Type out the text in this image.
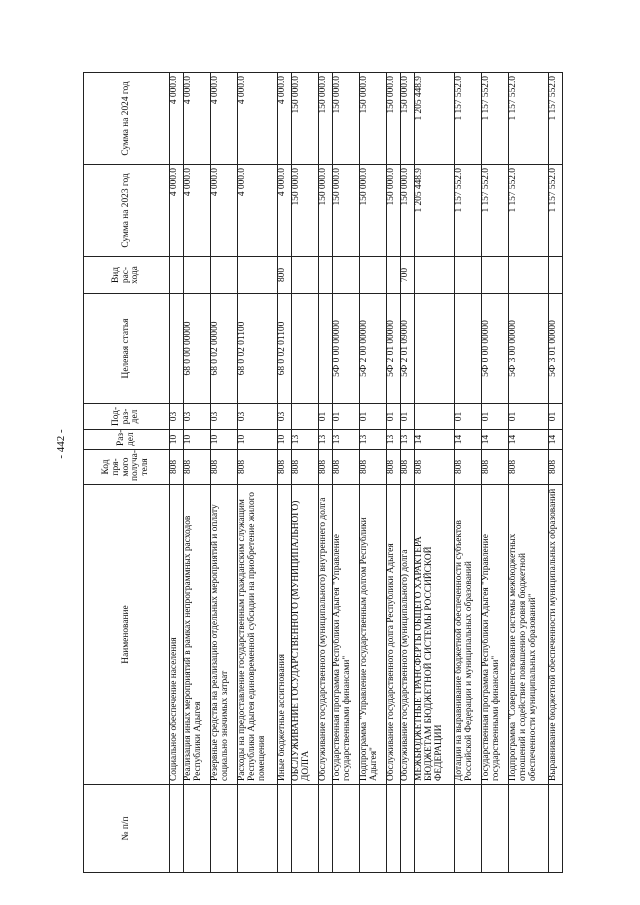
- 442 -
№ п/п	Наименование	Код пря-мого получа-теля	Раз-дел	Под-раз-дел	Целевая статья	Вид рас-хода	Сумма на 2023 год	Сумма на 2024 год
	Социальное обеспечение населения	808	10	03			4 000.0	4 000.0
	Реализация иных мероприятий в рамках непрограммных расходов Республики Адыгея	808	10	03	68 0 00 00000		4 000.0	4 000.0
	Резервные средства на реализацию отдельных мероприятий и оплату социально значимых затрат	808	10	03	68 0 02 00000		4 000.0	4 000.0
	Расходы на предоставление государственным гражданским служащим Республики Адыгея единовременной субсидии на приобретение жилого помещения	808	10	03	68 0 02 01100		4 000.0	4 000.0
	Иные бюджетные ассигнования	808	10	03	68 0 02 01100	800	4 000.0	4 000.0
	ОБСЛУЖИВАНИЕ ГОСУДАРСТВЕННОГО (МУНИЦИПАЛЬНОГО) ДОЛГА	808	13				150 000.0	150 000.0
	Обслуживание государственного (муниципального) внутреннего долга	808	13	01			150 000.0	150 000.0
	Государственная программа Республики Адыгея "Управление государственными финансами"	808	13	01	5Ф 0 00 00000		150 000.0	150 000.0
	Подпрограмма "Управление государственным долгом Республики Адыгея"	808	13	01	5Ф 2 00 00000		150 000.0	150 000.0
	Обслуживание государственного долга Республики Адыгея	808	13	01	5Ф 2 01 00000		150 000.0	150 000.0
	Обслуживание государственного (муниципального) долга	808	13	01	5Ф 2 01 09000	700	150 000.0	150 000.0
	МЕЖБЮДЖЕТНЫЕ ТРАНСФЕРТЫ ОБЩЕГО ХАРАКТЕРА БЮДЖЕТАМ БЮДЖЕТНОЙ СИСТЕМЫ РОССИЙСКОЙ ФЕДЕРАЦИИ	808	14				1 205 448.9	1 205 448.9
	Дотации на выравнивание бюджетной обеспеченности субъектов Российской Федерации и муниципальных образований	808	14	01			1 157 552.0	1 157 552.0
	Государственная программа Республики Адыгея "Управление государственными финансами"	808	14	01	5Ф 0 00 00000		1 157 552.0	1 157 552.0
	Подпрограмма "Совершенствование системы межбюджетных отношений и содействие повышению уровня бюджетной обеспеченности муниципальных образований"	808	14	01	5Ф 3 00 00000		1 157 552.0	1 157 552.0
	Выравнивание бюджетной обеспеченности муниципальных образований	808	14	01	5Ф 3 01 00000		1 157 552.0	1 157 552.0
